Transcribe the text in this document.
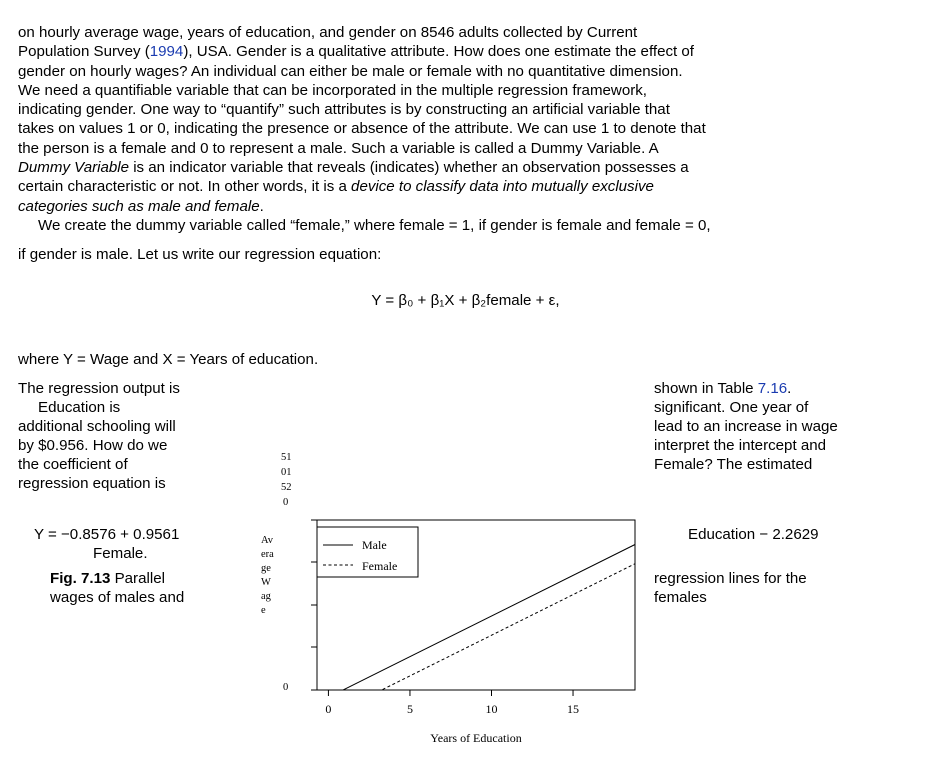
on hourly average wage, years of education, and gender on 8546 adults collected by Current
Population Survey (1994), USA. Gender is a qualitative attribute. How does one estimate the effect of
gender on hourly wages? An individual can either be male or female with no quantitative dimension.
We need a quantifiable variable that can be incorporated in the multiple regression framework,
indicating gender. One way to “quantify” such attributes is by constructing an artificial variable that
takes on values 1 or 0, indicating the presence or absence of the attribute. We can use 1 to denote that
the person is a female and 0 to represent a male. Such a variable is called a Dummy Variable. A
Dummy Variable is an indicator variable that reveals (indicates) whether an observation possesses a
certain characteristic or not. In other words, it is a device to classify data into mutually exclusive
categories such as male and female.
We create the dummy variable called “female,” where female = 1, if gender is female and female = 0,
if gender is male. Let us write our regression equation:
Y = β₀ + β₁X + β₂female + ε,
where Y = Wage and X = Years of education.
The regression output is
Education is
additional schooling will
by $0.956. How do we
the coefficient of
regression equation is
Y = −0.8576 + 0.9561
Female.
Fig. 7.13 Parallel
wages of males and
shown in Table 7.16.
significant. One year of
lead to an increase in wage
interpret the intercept and
Female? The estimated
Education − 2.2629
regression lines for the
females
51
01
52
0
0
Av
era
ge
W
ag
e
0	5	10	15
Years of Education
Male
Female
